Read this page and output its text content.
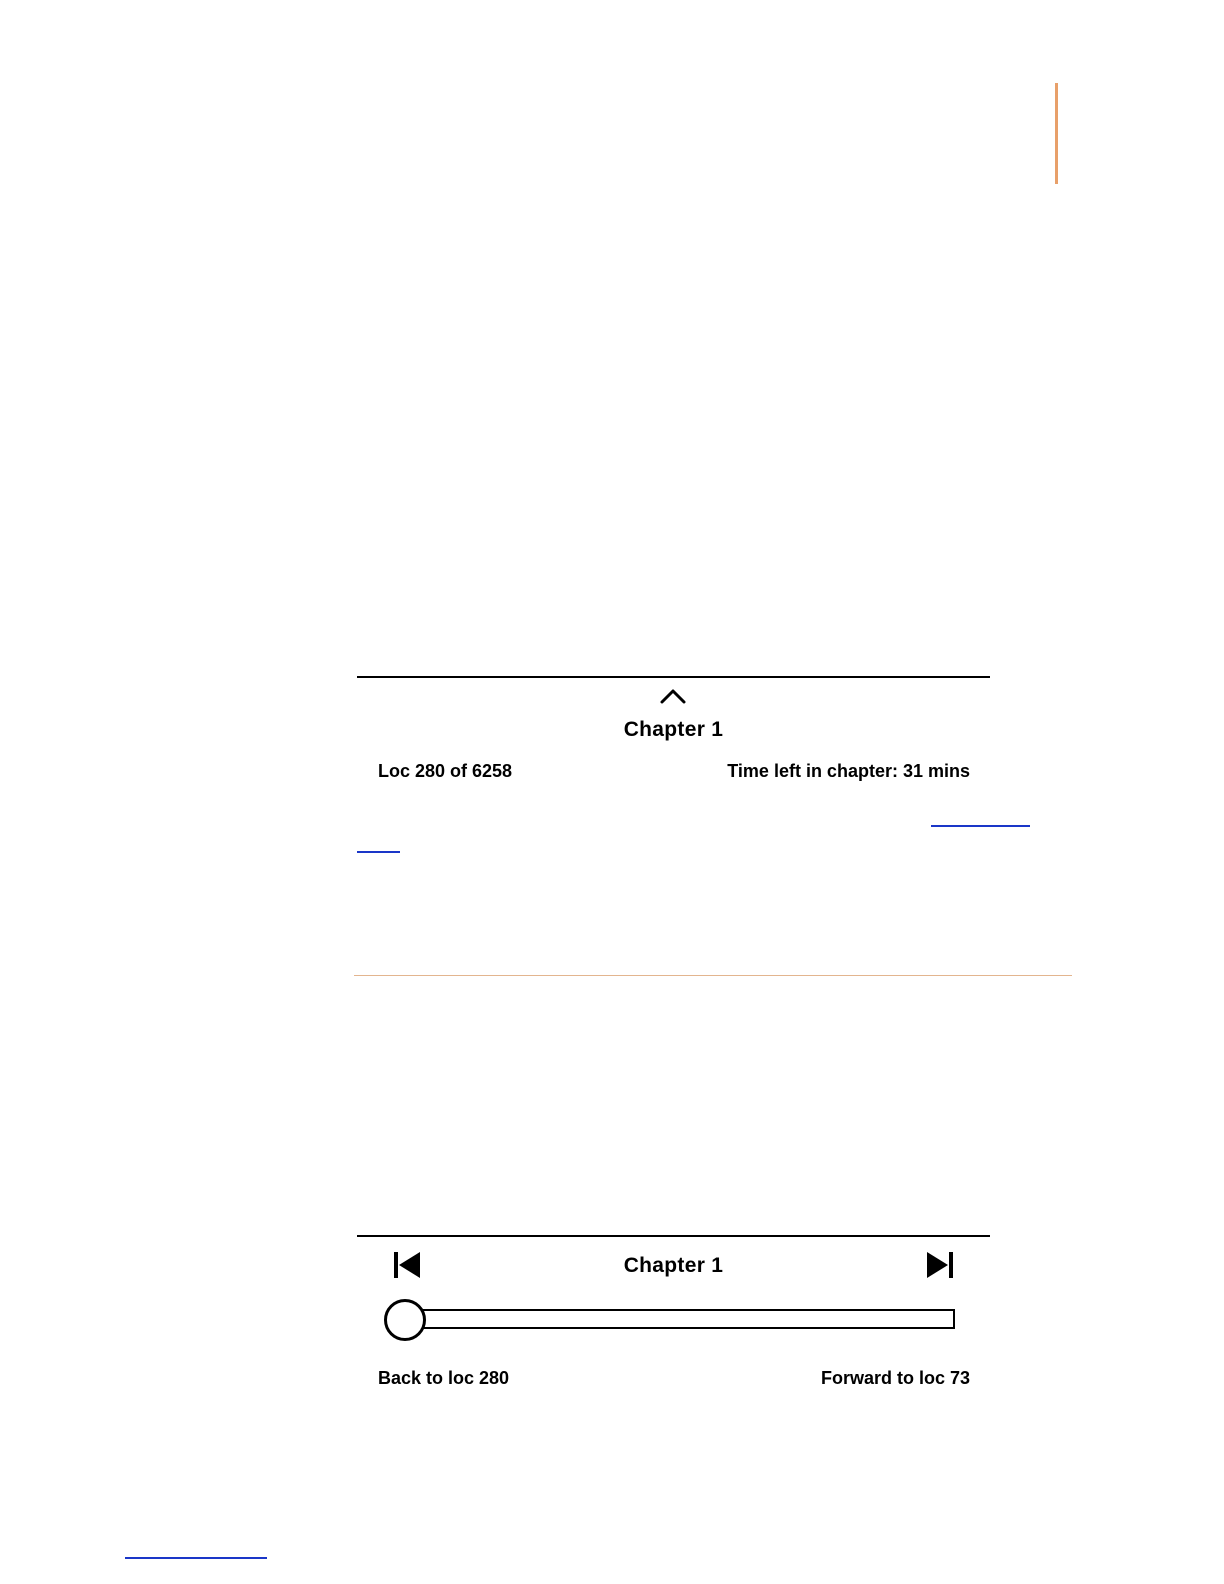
Chapter 1
Loc 280 of 6258	Time left in chapter: 31 mins
Chapter 1
Back to loc 280	Forward to loc 73
